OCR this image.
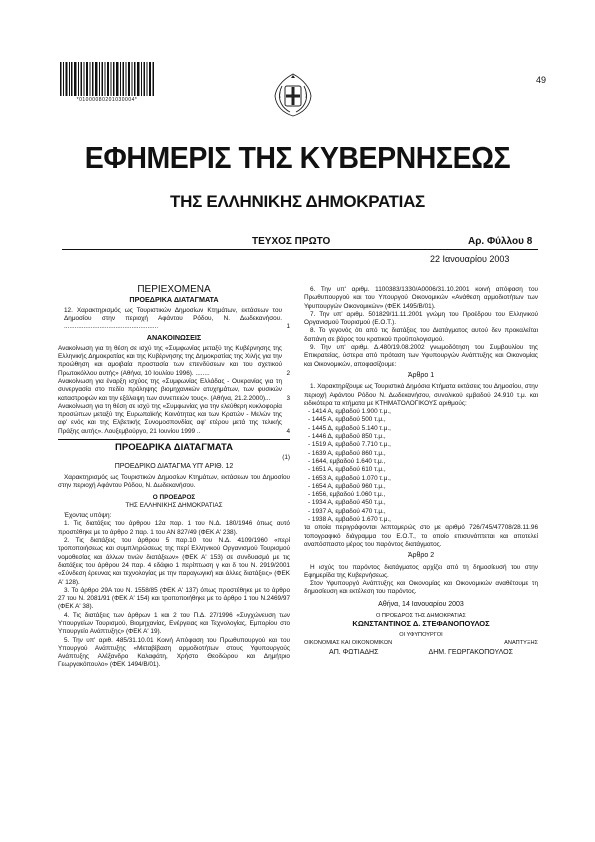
*01000080201030004*
49
ΕΦΗΜΕΡΙΣ ΤΗΣ ΚΥΒΕΡΝΗΣΕΩΣ
ΤΗΣ ΕΛΛΗΝΙΚΗΣ ΔΗΜΟΚΡΑΤΙΑΣ
ΤΕΥΧΟΣ ΠΡΩΤΟ	Αρ. Φύλλου 8
22 Ιανουαρίου 2003

ΠΕΡΙΕΧΟΜΕΝΑ

ΠΡΟΕΔΡΙΚΑ ΔΙΑΤΑΓΜΑΤΑ

12. Χαρακτηρισμός ως Τουριστικών Δημοσίων Κτημάτων, εκτάσεων του Δημοσίου στην περιοχή Αφάντου Ρόδου, Ν. Δωδεκανήσου. .....................................................	1

ΑΝΑΚΟΙΝΩΣΕΙΣ

Ανακοίνωση για τη θέση σε ισχύ της «Συμφωνίας μεταξύ της Κυβέρνησης της Ελληνικής Δημοκρατίας και της Κυβέρνησης της Δημοκρατίας της Χιλής για την προώθηση και αμοιβαία προστασία των επενδύσεων και του σχετικού Πρωτοκόλλου αυτής» (Αθήνα, 10 Ιουλίου 1996). ........	2

Ανακοίνωση για έναρξη ισχύος της «Συμφωνίας Ελλάδας - Ουκρανίας για τη συνεργασία στο πεδίο πρόληψης βιομηχανικών ατυχημάτων, των φυσικών καταστροφών και την εξάλειψη των συνεπειών τους». (Αθήνα, 21.2.2000)...	3

Ανακοίνωση για τη θέση σε ισχύ της «Συμφωνίας για την ελεύθερη κυκλοφορία προσώπων μεταξύ της Ευρωπαϊκής Κοινότητας και των Κρατών - Μελών της αφ' ενός και της Ελβετικής Συνομοσπονδίας αφ' ετέρου μετά της τελικής Πράξης αυτής». Λουξεμβούργο, 21 Ιουνίου 1999 ..	4

ΠΡΟΕΔΡΙΚΑ ΔΙΑΤΑΓΜΑΤΑ

(1)

ΠΡΟΕΔΡΙΚΟ ΔΙΑΤΑΓΜΑ ΥΠ' ΑΡΙΘ. 12

Χαρακτηρισμός ως Τουριστικών Δημοσίων Κτημάτων, εκτάσεων του Δημοσίου στην περιοχή Αφάντου Ρόδου, Ν. Δωδεκανήσου.

Ο ΠΡΟΕΔΡΟΣ

ΤΗΣ ΕΛΛΗΝΙΚΗΣ ΔΗΜΟΚΡΑΤΙΑΣ

Έχοντας υπόψη:

1. Τις διατάξεις του άρθρου 12α παρ. 1 του Ν.Δ. 180/1946 όπως αυτό προστέθηκε με το άρθρο 2 παρ. 1 του ΑΝ 827/49 (ΦΕΚ Α' 238).

2. Τις διατάξεις του άρθρου 5 παρ.10 του Ν.Δ. 4109/1960 «περί τροποποιήσεως και συμπληρώσεως της περί Ελληνικού Οργανισμού Τουρισμού νομοθεσίας και άλλων τινών διατάξεων» (ΦΕΚ Α' 153) σε συνδυασμό με τις διατάξεις του άρθρου 24 παρ. 4 εδάφιο 1 περίπτωση γ και δ του Ν. 2919/2001 «Σύνδεση έρευνας και τεχνολογίας με την παραγωγική και άλλες διατάξεις» (ΦΕΚ Α' 128).

3. Το άρθρο 29Α του Ν. 1558/85 (ΦΕΚ Α' 137) όπως προστέθηκε με το άρθρο 27 του Ν. 2081/91 (ΦΕΚ Α' 154) και τροποποιήθηκε με το άρθρο 1 του Ν.2469/97 (ΦΕΚ Α' 38).

4. Τις διατάξεις των άρθρων 1 και 2 του Π.Δ. 27/1996 «Συγχώνευση των Υπουργείων Τουρισμού, Βιομηχανίας, Ενέργειας και Τεχνολογίας, Εμπορίου στο Υπουργείο Ανάπτυξης» (ΦΕΚ Α' 19).

5. Την υπ' αριθ. 485/31.10.01 Κοινή Απόφαση του Πρωθυπουργού και του Υπουργού Ανάπτυξης «Μεταβίβαση αρμοδιοτήτων στους Υφυπουργούς Ανάπτυξης Αλέξανδρο Καλαφάτη, Χρήστο Θεοδώρου και Δημήτριο Γεωργακόπουλο» (ΦΕΚ 1494/Β/01).

6. Την υπ' αριθμ. 1100383/1330/Α0006/31.10.2001 κοινή απόφαση του Πρωθυπουργού και του Υπουργού Οικονομικών «Ανάθεση αρμοδιοτήτων των Υφυπουργών Οικονομικών» (ΦΕΚ 1495/Β/01).

7. Την υπ' αριθμ. 501829/11.11.2001 γνώμη του Προέδρου του Ελληνικού Οργανισμού Τουρισμού (Ε.Ο.Τ.).

8. Το γεγονός ότι από τις διατάξεις του Διατάγματος αυτού δεν προκαλείται δαπάνη σε βάρος του κρατικού προϋπολογισμού.

9. Την υπ' αριθμ. Δ.480/19.08.2002 γνωμοδότηση του Συμβουλίου της Επικρατείας, ύστερα από πρόταση των Υφυπουργών Ανάπτυξης και Οικονομίας και Οικονομικών, αποφασίζουμε:

Άρθρο 1

1. Χαρακτηρίζουμε ως Τουριστικά Δημόσια Κτήματα εκτάσεις του Δημοσίου, στην περιοχή Αφάντου Ρόδου Ν. Δωδεκανήσου, συνολικού εμβαδού 24.910 τ.μ. και ειδικότερα τα κτήματα με ΚΤΗΜΑΤΟΛΟΓΙΚΟΥΣ αριθμούς:

- 1414 Α, εμβαδού 1.900 τ.μ.,

- 1445 Α, εμβαδού 500 τ.μ.,

- 1445 Δ, εμβαδού 5.140 τ.μ.,

- 1446 Δ, εμβαδού 850 τ.μ.,

- 1519 Α, εμβαδού 7.710 τ.μ.,

- 1639 Α, εμβαδού 860 τ.μ.,

- 1644, εμβαδού 1.640 τ.μ.,

- 1651 Α, εμβαδού 610 τ.μ.,

- 1653 Α, εμβαδού 1.070 τ.μ.,

- 1654 Α, εμβαδού 960 τ.μ.,

- 1656, εμβαδού 1.060 τ.μ.,

- 1934 Α, εμβαδού 450 τ.μ.,

- 1937 Α, εμβαδού 470 τ.μ.,

- 1938 Α, εμβαδού 1.670 τ.μ.,

τα οποία περιγράφονται λεπτομερώς στο με αριθμό 726/745/47708/28.11.96 τοπογραφικό διάγραμμα του Ε.Ο.Τ., το οποίο επισυνάπτεται και αποτελεί αναπόσπαστο μέρος του παρόντος διατάγματος.

Άρθρο 2

Η ισχύς του παρόντος διατάγματος αρχίζει από τη δημοσίευσή του στην Εφημερίδα της Κυβερνήσεως.

Στον Υφυπουργό Ανάπτυξης και Οικονομίας και Οικονομικών αναθέτουμε τη δημοσίευση και εκτέλεση του παρόντος.

Αθήνα, 14 Ιανουαρίου 2003

Ο ΠΡΟΕΔΡΟΣ ΤΗΣ ΔΗΜΟΚΡΑΤΙΑΣ

ΚΩΝΣΤΑΝΤΙΝΟΣ Δ. ΣΤΕΦΑΝΟΠΟΥΛΟΣ

ΟΙ ΥΦΥΠΟΥΡΓΟΙ

ΟΙΚΟΝΟΜΙΑΣ ΚΑΙ ΟΙΚΟΝΟΜΙΚΩΝ	ΑΝΑΠΤΥΞΗΣ
ΑΠ. ΦΩΤΙΑΔΗΣ	ΔΗΜ. ΓΕΩΡΓΑΚΟΠΟΥΛΟΣ
